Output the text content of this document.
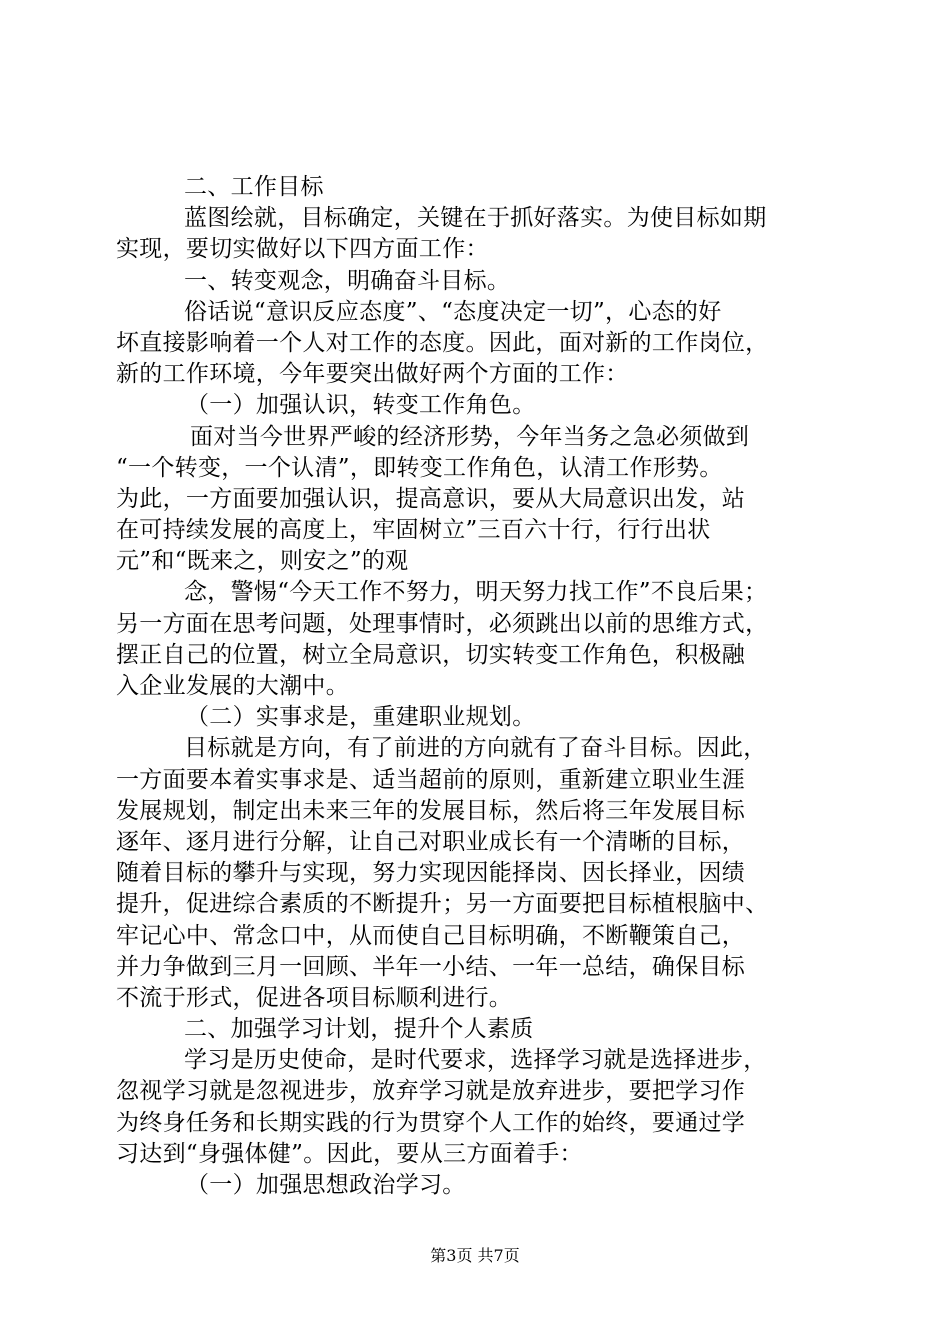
二、工作目标
蓝图绘就，目标确定，关键在于抓好落实。为使目标如期
实现，要切实做好以下四方面工作：
一、转变观念，明确奋斗目标。
俗话说“意识反应态度”、“态度决定一切”，心态的好
坏直接影响着一个人对工作的态度。因此，面对新的工作岗位，
新的工作环境，今年要突出做好两个方面的工作：
（一）加强认识，转变工作角色。
面对当今世界严峻的经济形势，今年当务之急必须做到
“一个转变，一个认清”，即转变工作角色，认清工作形势。
为此，一方面要加强认识，提高意识，要从大局意识出发，站
在可持续发展的高度上，牢固树立”三百六十行，行行出状
元”和“既来之，则安之”的观
念，警惕“今天工作不努力，明天努力找工作”不良后果；
另一方面在思考问题，处理事情时，必须跳出以前的思维方式，
摆正自己的位置，树立全局意识，切实转变工作角色，积极融
入企业发展的大潮中。
（二）实事求是，重建职业规划。
目标就是方向，有了前进的方向就有了奋斗目标。因此，
一方面要本着实事求是、适当超前的原则，重新建立职业生涯
发展规划，制定出未来三年的发展目标，然后将三年发展目标
逐年、逐月进行分解，让自己对职业成长有一个清晰的目标，
随着目标的攀升与实现，努力实现因能择岗、因长择业，因绩
提升，促进综合素质的不断提升；另一方面要把目标植根脑中、
牢记心中、常念口中，从而使自己目标明确，不断鞭策自己，
并力争做到三月一回顾、半年一小结、一年一总结，确保目标
不流于形式，促进各项目标顺利进行。
二、加强学习计划，提升个人素质
学习是历史使命，是时代要求，选择学习就是选择进步，
忽视学习就是忽视进步，放弃学习就是放弃进步，要把学习作
为终身任务和长期实践的行为贯穿个人工作的始终，要通过学
习达到“身强体健”。因此，要从三方面着手：
（一）加强思想政治学习。
第3页 共7页
